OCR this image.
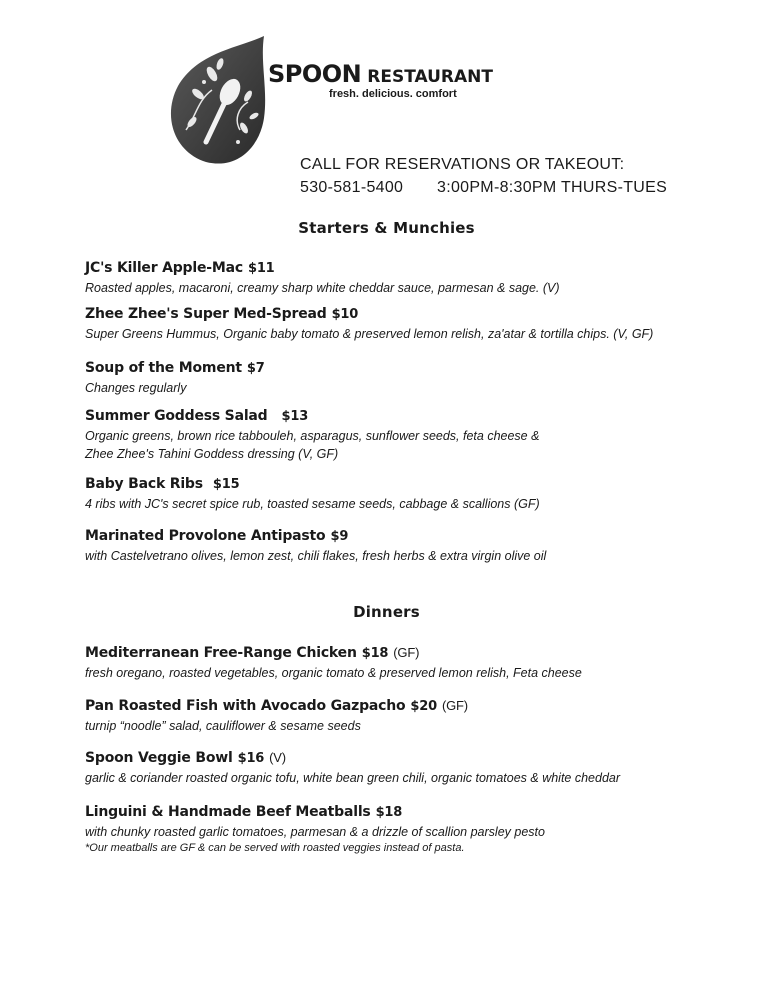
SPOON RESTAURANT
fresh. delicious. comfort
CALL FOR RESERVATIONS OR TAKEOUT:
530-581-5400 3:00PM-8:30PM THURS-TUES
Starters & Munchies
JC's Killer Apple-Mac $11
Roasted apples, macaroni, creamy sharp white cheddar sauce, parmesan & sage. (V)
Zhee Zhee's Super Med-Spread $10
Super Greens Hummus, Organic baby tomato & preserved lemon relish, za'atar & tortilla chips. (V, GF)
Soup of the Moment $7
Changes regularly
Summer Goddess Salad $13
Organic greens, brown rice tabbouleh, asparagus, sunflower seeds, feta cheese &
Zhee Zhee's Tahini Goddess dressing (V, GF)
Baby Back Ribs $15
4 ribs with JC's secret spice rub, toasted sesame seeds, cabbage & scallions (GF)
Marinated Provolone Antipasto $9
with Castelvetrano olives, lemon zest, chili flakes, fresh herbs & extra virgin olive oil
Dinners
Mediterranean Free-Range Chicken $18 (GF)
fresh oregano, roasted vegetables, organic tomato & preserved lemon relish, Feta cheese
Pan Roasted Fish with Avocado Gazpacho $20 (GF)
turnip “noodle” salad, cauliflower & sesame seeds
Spoon Veggie Bowl $16 (V)
garlic & coriander roasted organic tofu, white bean green chili, organic tomatoes & white cheddar
Linguini & Handmade Beef Meatballs $18
with chunky roasted garlic tomatoes, parmesan & a drizzle of scallion parsley pesto
*Our meatballs are GF & can be served with roasted veggies instead of pasta.
